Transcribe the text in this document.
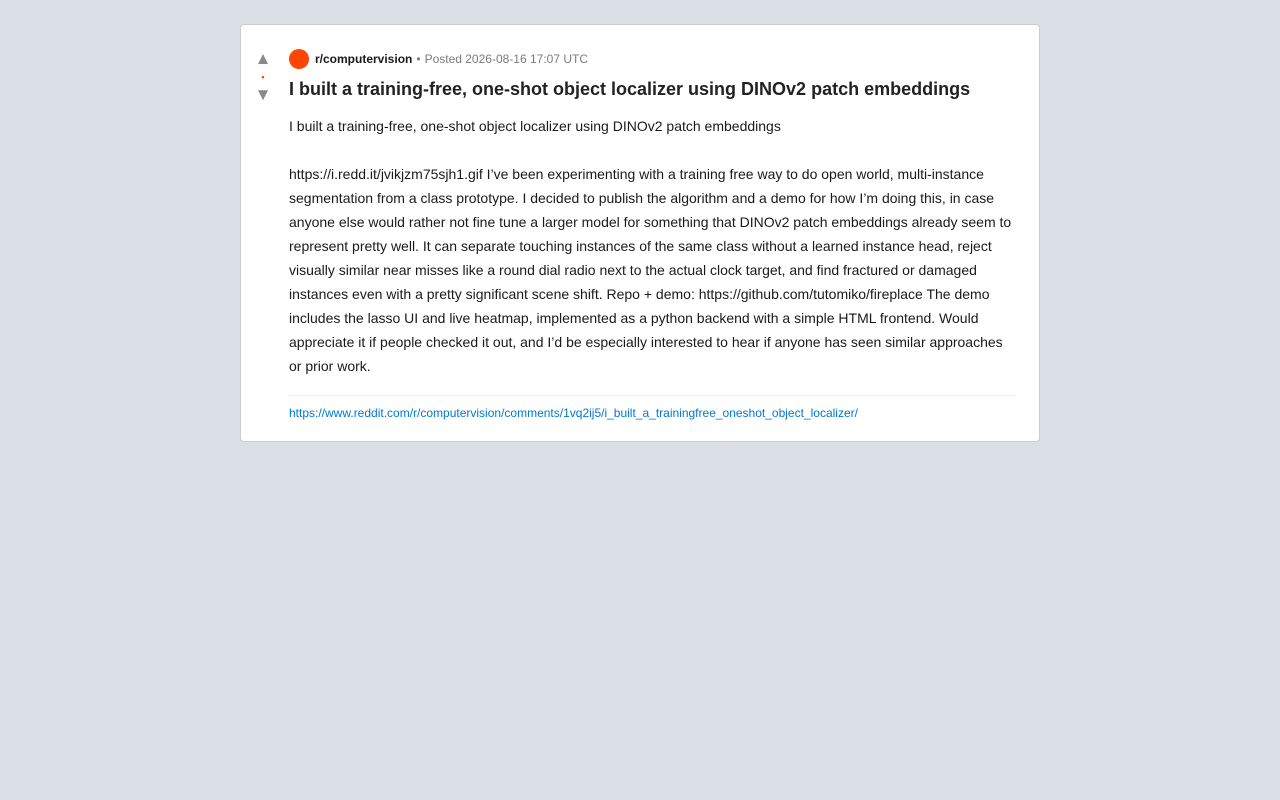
▲
•
▼
r/computervision • Posted 2026-08-16 17:07 UTC
I built a training-free, one-shot object localizer using DINOv2 patch embeddings

I built a training-free, one-shot object localizer using DINOv2 patch embeddings

https://i.redd.it/jvikjzm75sjh1.gif I’ve been experimenting with a training free way to do open world, multi-instance segmentation from a class prototype. I decided to publish the algorithm and a demo for how I’m doing this, in case anyone else would rather not fine tune a larger model for something that DINOv2 patch embeddings already seem to represent pretty well. It can separate touching instances of the same class without a learned instance head, reject visually similar near misses like a round dial radio next to the actual clock target, and find fractured or damaged instances even with a pretty significant scene shift. Repo + demo: https://github.com/tutomiko/fireplace The demo includes the lasso UI and live heatmap, implemented as a python backend with a simple HTML frontend. Would appreciate it if people checked it out, and I’d be especially interested to hear if anyone has seen similar approaches or prior work.

https://www.reddit.com/r/computervision/comments/1vq2ij5/i_built_a_trainingfree_oneshot_object_localizer/
